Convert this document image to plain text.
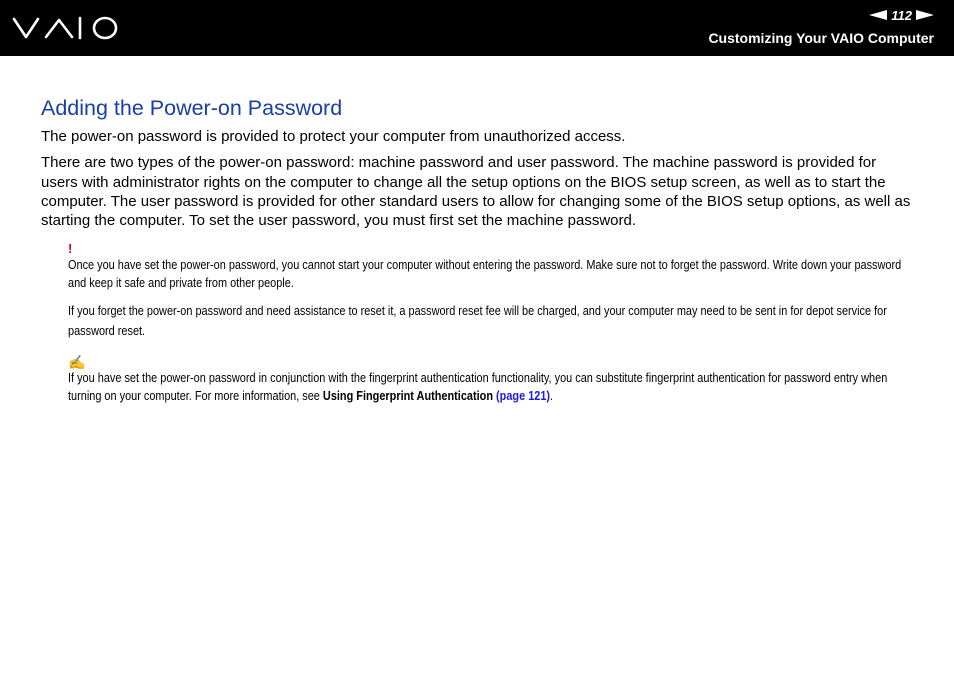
112
Customizing Your VAIO Computer
Adding the Power-on Password

The power-on password is provided to protect your computer from unauthorized access.

There are two types of the power-on password: machine password and user password. The machine password is provided for users with administrator rights on the computer to change all the setup options on the BIOS setup screen, as well as to start the computer. The user password is provided for other standard users to allow for changing some of the BIOS setup options, as well as starting the computer. To set the user password, you must first set the machine password.

!

Once you have set the power-on password, you cannot start your computer without entering the password. Make sure not to forget the password. Write down your password and keep it safe and private from other people.

If you forget the power-on password and need assistance to reset it, a password reset fee will be charged, and your computer may need to be sent in for depot service for password reset.

✍

If you have set the power-on password in conjunction with the fingerprint authentication functionality, you can substitute fingerprint authentication for password entry when turning on your computer. For more information, see Using Fingerprint Authentication (page 121).
